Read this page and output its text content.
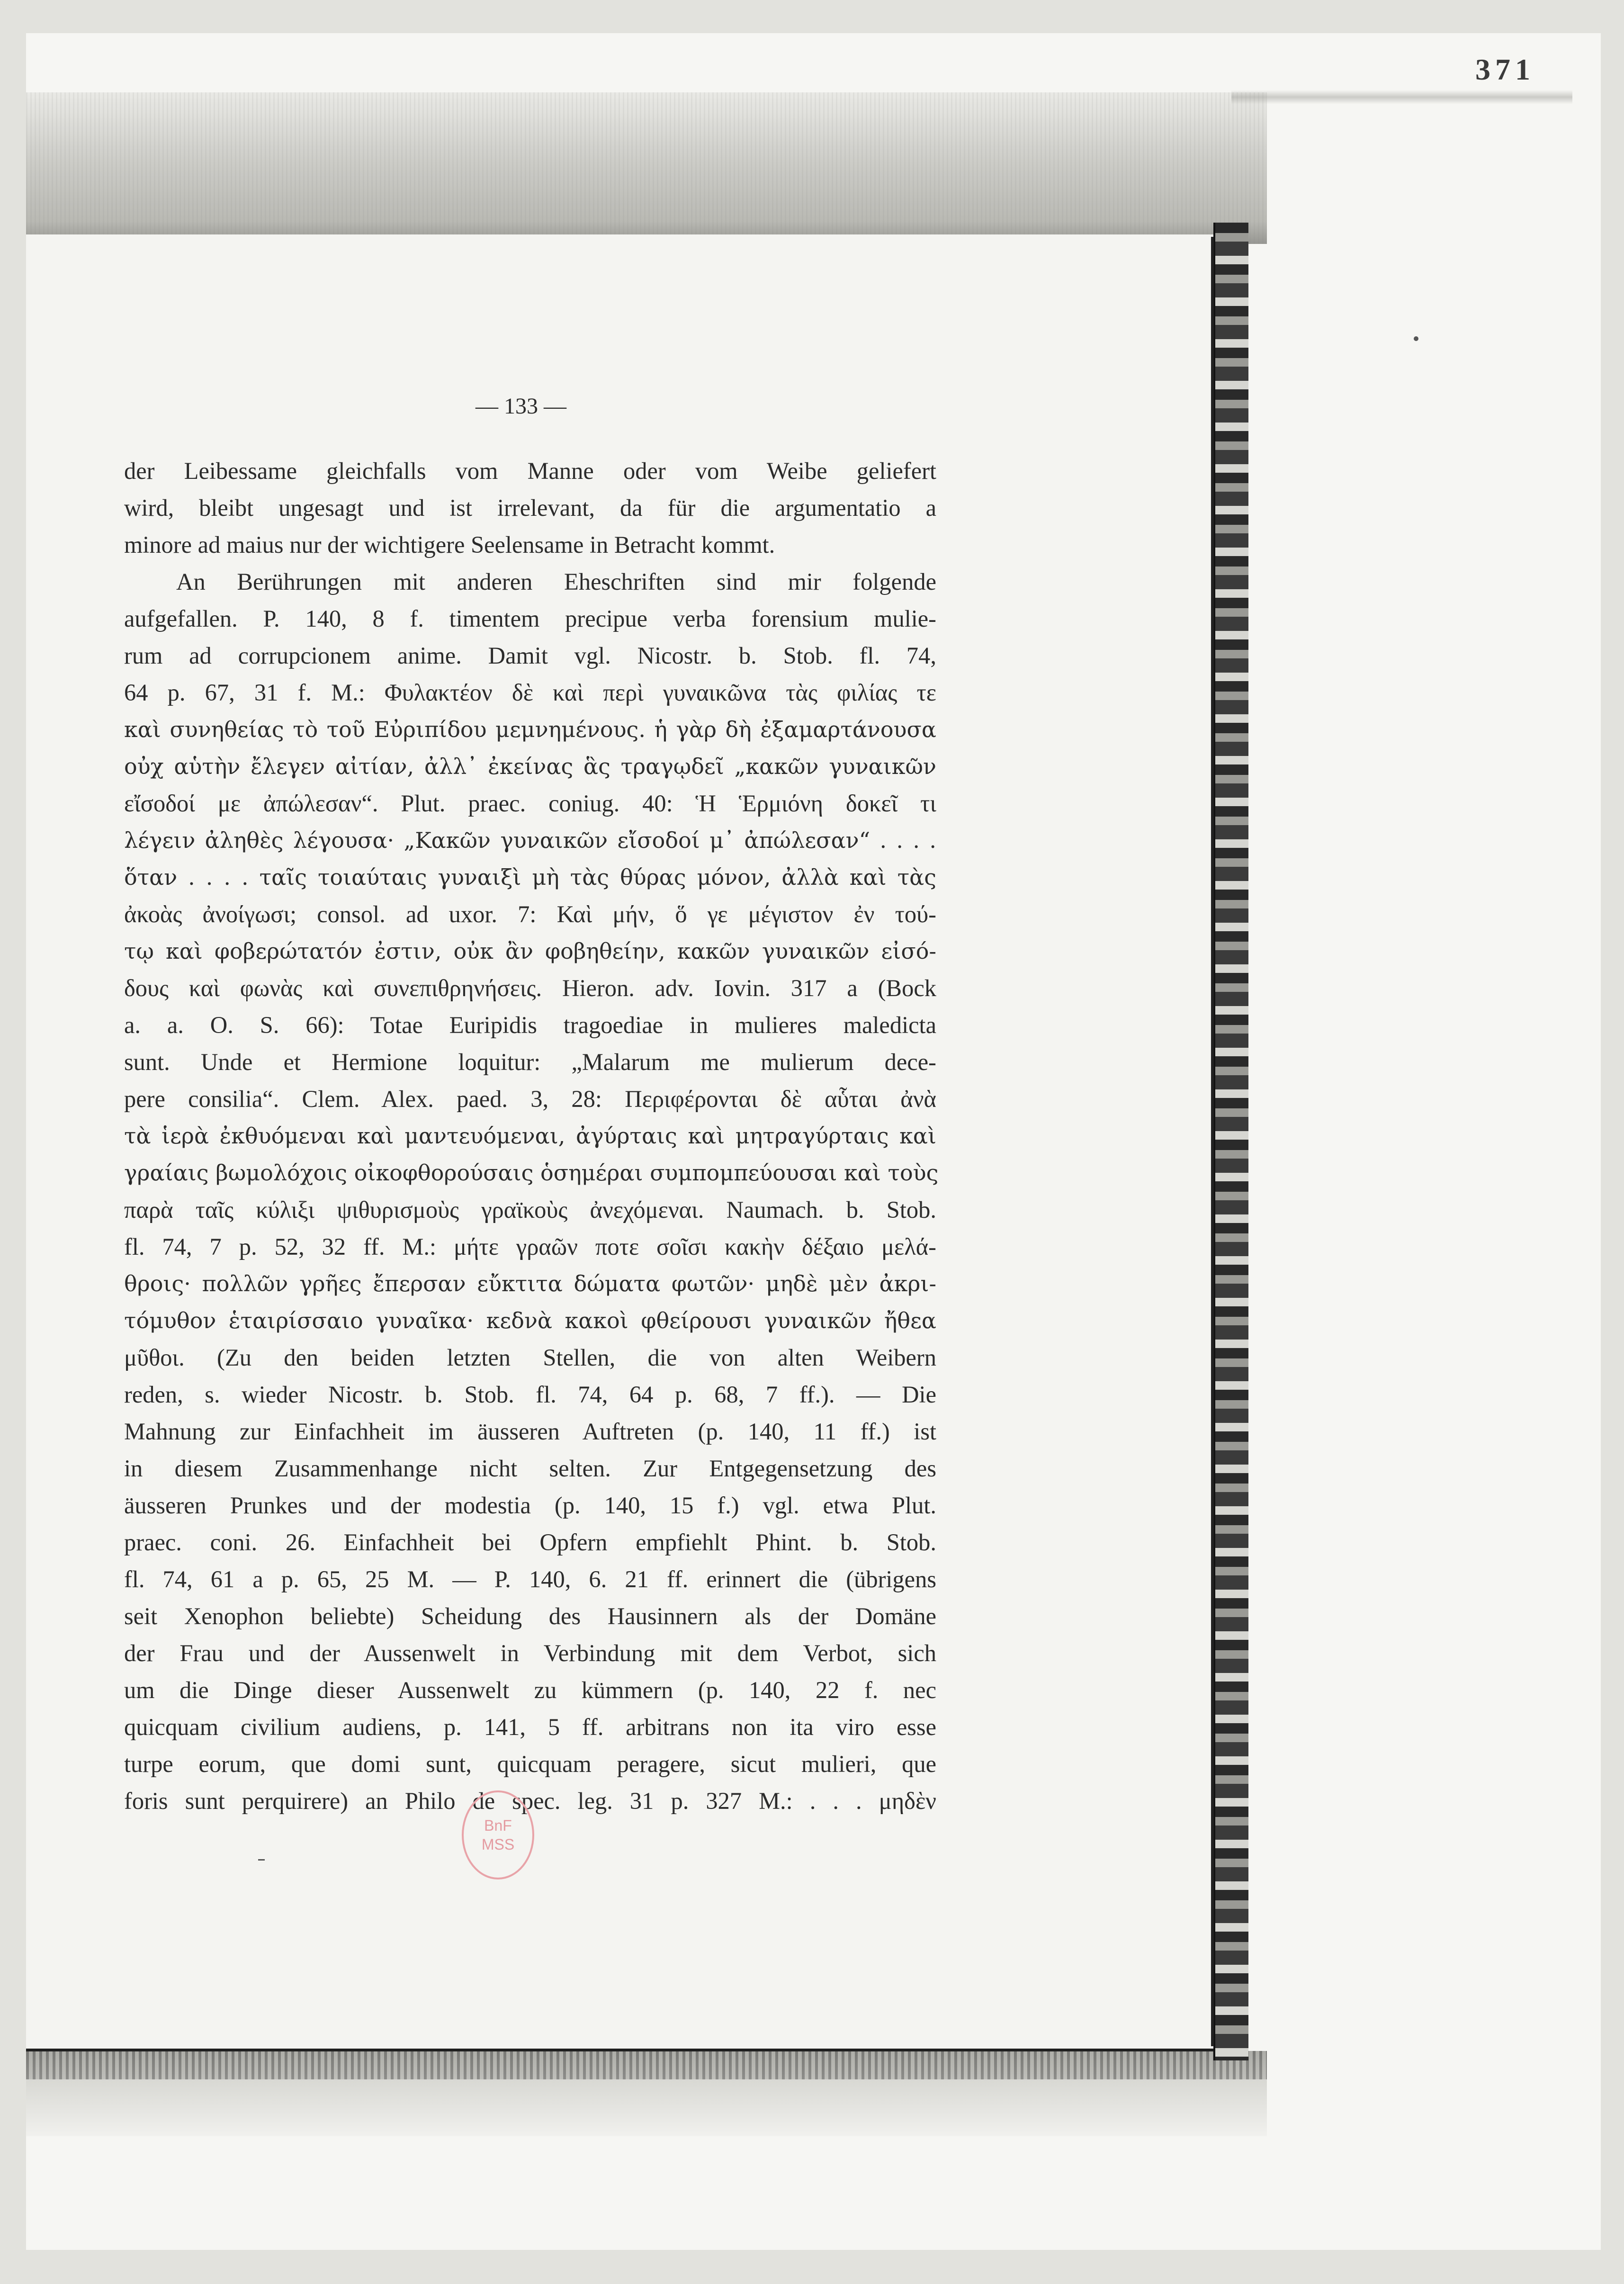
371
— 133 —
der Leibessame gleichfalls vom Manne oder vom Weibe geliefert
wird, bleibt ungesagt und ist irrelevant, da für die argumentatio a
minore ad maius nur der wichtigere Seelensame in Betracht kommt.
An Berührungen mit anderen Eheschriften sind mir folgende
aufgefallen. P. 140, 8 f. timentem precipue verba forensium mulie-
rum ad corrupcionem anime. Damit vgl. Nicostr. b. Stob. fl. 74,
64 p. 67, 31 f. M.: Φυλακτέον δὲ καὶ περὶ γυναικῶνα τὰς φιλίας τε
καὶ συνηθείας τὸ τοῦ Εὐριπίδου μεμνημένους. ἡ γὰρ δὴ ἐξαμαρτάνουσα
οὐχ αὑτὴν ἔλεγεν αἰτίαν, ἀλλ᾽ ἐκείνας ἃς τραγῳδεῖ „κακῶν γυναικῶν
εἴσοδοί με ἀπώλεσαν“. Plut. praec. coniug. 40: Ἡ Ἑρμιόνη δοκεῖ τι
λέγειν ἀληθὲς λέγουσα· „Κακῶν γυναικῶν εἴσοδοί μ᾽ ἀπώλεσαν“ . . . .
ὅταν . . . . ταῖς τοιαύταις γυναιξὶ μὴ τὰς θύρας μόνον, ἀλλὰ καὶ τὰς
ἀκοὰς ἀνοίγωσι; consol. ad uxor. 7: Καὶ μήν, ὅ γε μέγιστον ἐν τού-
τῳ καὶ φοβερώτατόν ἐστιν, οὐκ ἂν φοβηθείην, κακῶν γυναικῶν εἰσό-
δους καὶ φωνὰς καὶ συνεπιθρηνήσεις. Hieron. adv. Iovin. 317 a (Bock
a. a. O. S. 66): Totae Euripidis tragoediae in mulieres maledicta
sunt. Unde et Hermione loquitur: „Malarum me mulierum dece-
pere consilia“. Clem. Alex. paed. 3, 28: Περιφέρονται δὲ αὗται ἀνὰ
τὰ ἱερὰ ἐκθυόμεναι καὶ μαντευόμεναι, ἀγύρταις καὶ μητραγύρταις καὶ
γραίαις βωμολόχοις οἰκοφθορούσαις ὁσημέραι συμπομπεύουσαι καὶ τοὺς
παρὰ ταῖς κύλιξι ψιθυρισμοὺς γραϊκοὺς ἀνεχόμεναι. Naumach. b. Stob.
fl. 74, 7 p. 52, 32 ff. M.: μήτε γραῶν ποτε σοῖσι κακὴν δέξαιο μελά-
θροις· πολλῶν γρῆες ἔπερσαν εὔκτιτα δώματα φωτῶν· μηδὲ μὲν ἀκρι-
τόμυθον ἑταιρίσσαιο γυναῖκα· κεδνὰ κακοὶ φθείρουσι γυναικῶν ἤθεα
μῦθοι. (Zu den beiden letzten Stellen, die von alten Weibern
reden, s. wieder Nicostr. b. Stob. fl. 74, 64 p. 68, 7 ff.). — Die
Mahnung zur Einfachheit im äusseren Auftreten (p. 140, 11 ff.) ist
in diesem Zusammenhange nicht selten. Zur Entgegensetzung des
äusseren Prunkes und der modestia (p. 140, 15 f.) vgl. etwa Plut.
praec. coni. 26. Einfachheit bei Opfern empfiehlt Phint. b. Stob.
fl. 74, 61 a p. 65, 25 M. — P. 140, 6. 21 ff. erinnert die (übrigens
seit Xenophon beliebte) Scheidung des Hausinnern als der Domäne
der Frau und der Aussenwelt in Verbindung mit dem Verbot, sich
um die Dinge dieser Aussenwelt zu kümmern (p. 140, 22 f. nec
quicquam civilium audiens, p. 141, 5 ff. arbitrans non ita viro esse
turpe eorum, que domi sunt, quicquam peragere, sicut mulieri, que
foris sunt perquirere) an Philo de spec. leg. 31 p. 327 M.: . . . μηδὲν
BnF
MSS
